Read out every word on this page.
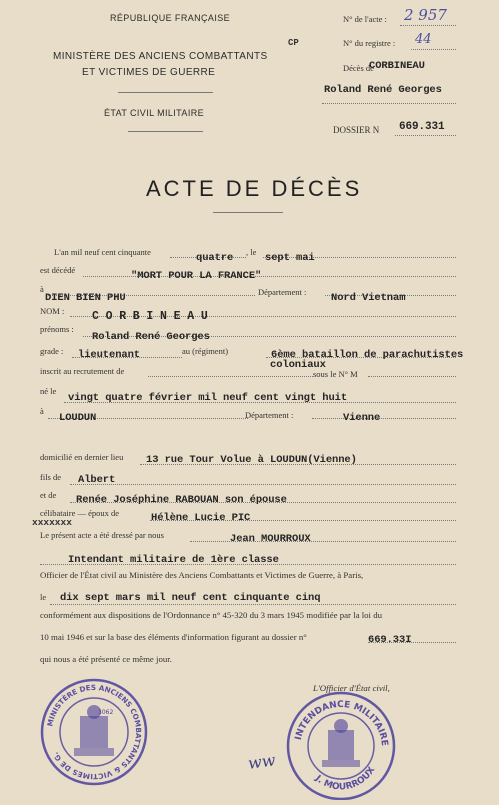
RÉPUBLIQUE FRANÇAISE
MINISTÈRE DES ANCIENS COMBATTANTS
ET VICTIMES DE GUERRE
ÉTAT CIVIL MILITAIRE
CP
N° de l'acte : 2 957
N° du registre : 44
Décès de
CORBINEAU
Roland René Georges
DOSSIER N 669.331
ACTE DE DÉCÈS
L'an mil neuf cent cinquante	quatre , le sept mai
est décédé	"MORT POUR LA FRANCE"
à	Département :
DIEN BIEN PHU	Nord Vietnam
NOM : C O R B I N E A U
prénoms :
Roland René Georges
grade : lieutenant	au (régiment)	6ème bataillon de parachutistes
inscrit au recrutement de	coloniaux
sous le N° M
né le
vingt quatre février mil neuf cent vingt huit
à
LOUDUN	Département :	Vienne
domicilié en dernier lieu 13 rue Tour Volue à LOUDUN(Vienne)
fils de Albert
et de Renée Joséphine RABOUAN son épouse
célibataire — époux de
xxxxxxx	Hélène Lucie PIC
Le présent acte a été dressé par nous	Jean MOURROUX
Intendant militaire de 1ère classe
Officier de l'État civil au Ministère des Anciens Combattants et Victimes de Guerre, à Paris,
le dix sept mars mil neuf cent cinquante cinq
conformément aux dispositions de l'Ordonnance n° 45-320 du 3 mars 1945 modifiée par la loi du
10 mai 1946 et sur la base des éléments d'information figurant au dossier n°	669.33I
qui nous a été présenté ce même jour.
L'Officier d'État civil,
ww
MINISTÈRE DES ANCIENS COMBATTANTS & VICTIMES DE G.
3062
INTENDANCE MILITAIRE
J. MOURROUX
